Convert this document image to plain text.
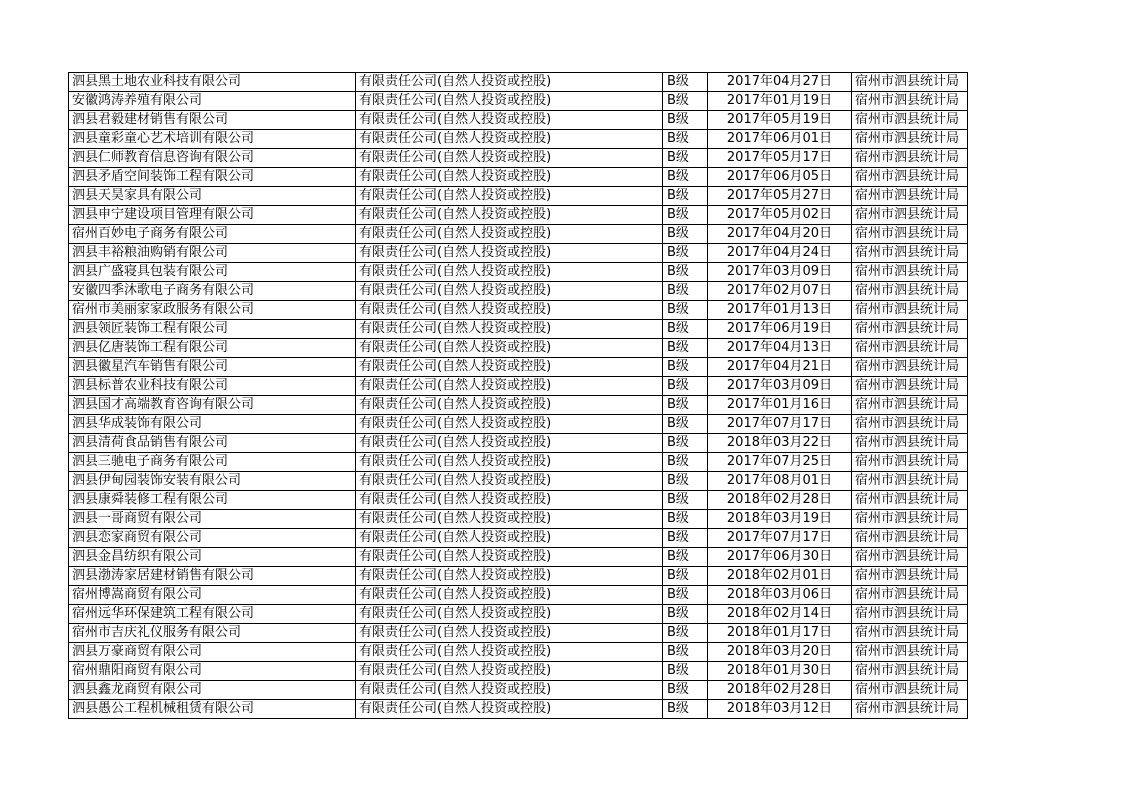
泗县黑土地农业科技有限公司	有限责任公司(自然人投资或控股)	B级	2017年04月27日	宿州市泗县统计局
安徽鸿涛养殖有限公司	有限责任公司(自然人投资或控股)	B级	2017年01月19日	宿州市泗县统计局
泗县君毅建材销售有限公司	有限责任公司(自然人投资或控股)	B级	2017年05月19日	宿州市泗县统计局
泗县童彩童心艺术培训有限公司	有限责任公司(自然人投资或控股)	B级	2017年06月01日	宿州市泗县统计局
泗县仁师教育信息咨询有限公司	有限责任公司(自然人投资或控股)	B级	2017年05月17日	宿州市泗县统计局
泗县矛盾空间装饰工程有限公司	有限责任公司(自然人投资或控股)	B级	2017年06月05日	宿州市泗县统计局
泗县天昊家具有限公司	有限责任公司(自然人投资或控股)	B级	2017年05月27日	宿州市泗县统计局
泗县申宁建设项目管理有限公司	有限责任公司(自然人投资或控股)	B级	2017年05月02日	宿州市泗县统计局
宿州百妙电子商务有限公司	有限责任公司(自然人投资或控股)	B级	2017年04月20日	宿州市泗县统计局
泗县丰裕粮油购销有限公司	有限责任公司(自然人投资或控股)	B级	2017年04月24日	宿州市泗县统计局
泗县广盛寝具包装有限公司	有限责任公司(自然人投资或控股)	B级	2017年03月09日	宿州市泗县统计局
安徽四季沐歌电子商务有限公司	有限责任公司(自然人投资或控股)	B级	2017年02月07日	宿州市泗县统计局
宿州市美丽家家政服务有限公司	有限责任公司(自然人投资或控股)	B级	2017年01月13日	宿州市泗县统计局
泗县领匠装饰工程有限公司	有限责任公司(自然人投资或控股)	B级	2017年06月19日	宿州市泗县统计局
泗县亿唐装饰工程有限公司	有限责任公司(自然人投资或控股)	B级	2017年04月13日	宿州市泗县统计局
泗县徽星汽车销售有限公司	有限责任公司(自然人投资或控股)	B级	2017年04月21日	宿州市泗县统计局
泗县标普农业科技有限公司	有限责任公司(自然人投资或控股)	B级	2017年03月09日	宿州市泗县统计局
泗县国才高端教育咨询有限公司	有限责任公司(自然人投资或控股)	B级	2017年01月16日	宿州市泗县统计局
泗县华成装饰有限公司	有限责任公司(自然人投资或控股)	B级	2017年07月17日	宿州市泗县统计局
泗县清荷食品销售有限公司	有限责任公司(自然人投资或控股)	B级	2018年03月22日	宿州市泗县统计局
泗县三驰电子商务有限公司	有限责任公司(自然人投资或控股)	B级	2017年07月25日	宿州市泗县统计局
泗县伊甸园装饰安装有限公司	有限责任公司(自然人投资或控股)	B级	2017年08月01日	宿州市泗县统计局
泗县康舜装修工程有限公司	有限责任公司(自然人投资或控股)	B级	2018年02月28日	宿州市泗县统计局
泗县一哥商贸有限公司	有限责任公司(自然人投资或控股)	B级	2018年03月19日	宿州市泗县统计局
泗县恋家商贸有限公司	有限责任公司(自然人投资或控股)	B级	2017年07月17日	宿州市泗县统计局
泗县金昌纺织有限公司	有限责任公司(自然人投资或控股)	B级	2017年06月30日	宿州市泗县统计局
泗县渤涛家居建材销售有限公司	有限责任公司(自然人投资或控股)	B级	2018年02月01日	宿州市泗县统计局
宿州博嵩商贸有限公司	有限责任公司(自然人投资或控股)	B级	2018年03月06日	宿州市泗县统计局
宿州远华环保建筑工程有限公司	有限责任公司(自然人投资或控股)	B级	2018年02月14日	宿州市泗县统计局
宿州市吉庆礼仪服务有限公司	有限责任公司(自然人投资或控股)	B级	2018年01月17日	宿州市泗县统计局
泗县万豪商贸有限公司	有限责任公司(自然人投资或控股)	B级	2018年03月20日	宿州市泗县统计局
宿州鼎阳商贸有限公司	有限责任公司(自然人投资或控股)	B级	2018年01月30日	宿州市泗县统计局
泗县鑫龙商贸有限公司	有限责任公司(自然人投资或控股)	B级	2018年02月28日	宿州市泗县统计局
泗县愚公工程机械租赁有限公司	有限责任公司(自然人投资或控股)	B级	2018年03月12日	宿州市泗县统计局
